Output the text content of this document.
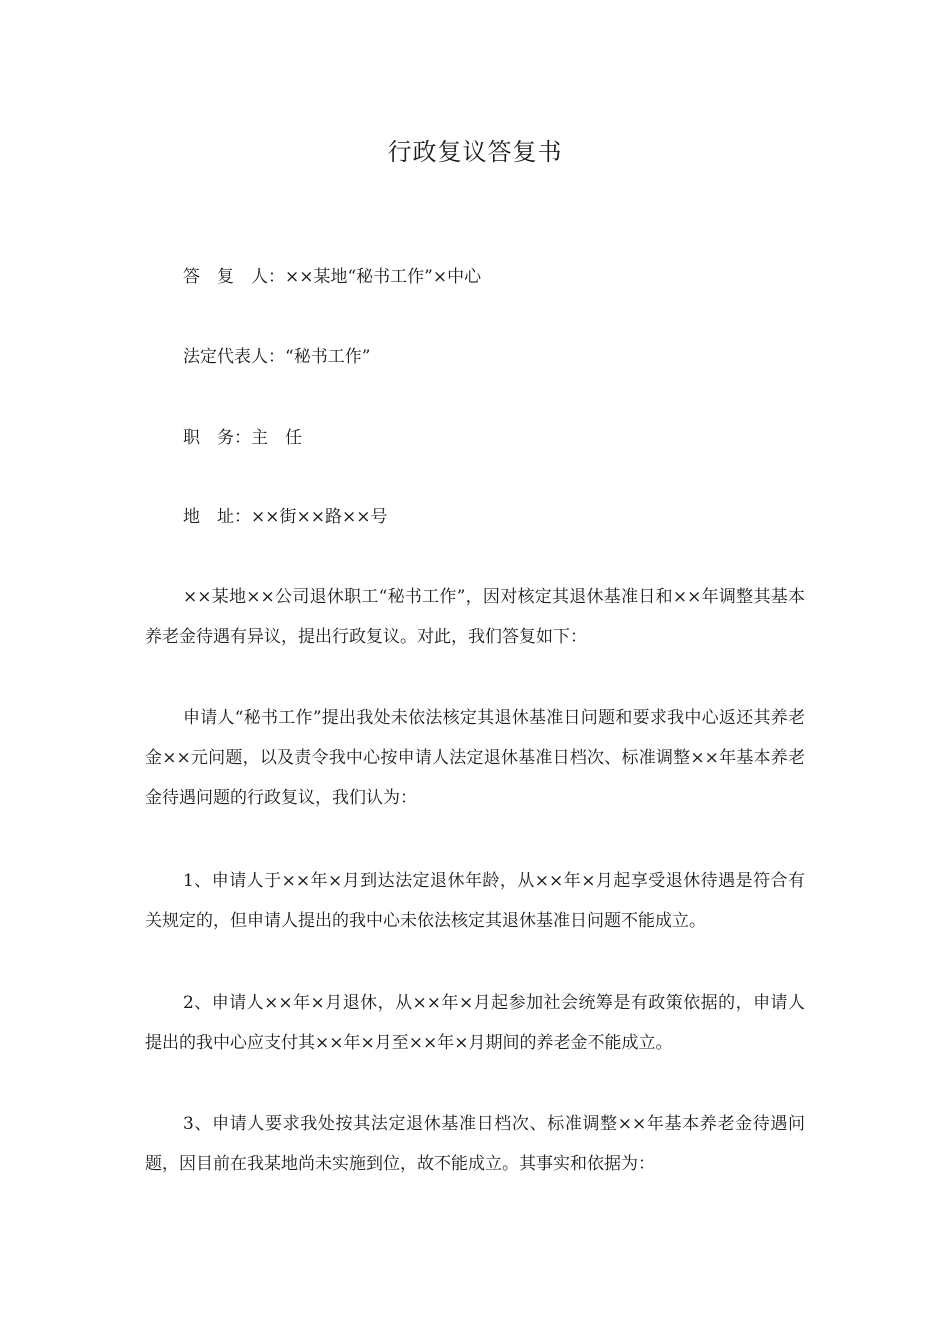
行政复议答复书
答　复　人：××某地“秘书工作”×中心
法定代表人：“秘书工作”
职　务：主　任
地　址：××街××路××号
××某地××公司退休职工“秘书工作”，因对核定其退休基准日和××年调整其基本养老金待遇有异议，提出行政复议。对此，我们答复如下：
申请人“秘书工作”提出我处未依法核定其退休基准日问题和要求我中心返还其养老金××元问题，以及责令我中心按申请人法定退休基准日档次、标准调整××年基本养老金待遇问题的行政复议，我们认为：
1、申请人于××年×月到达法定退休年龄，从××年×月起享受退休待遇是符合有关规定的，但申请人提出的我中心未依法核定其退休基准日问题不能成立。
2、申请人××年×月退休，从××年×月起参加社会统筹是有政策依据的，申请人提出的我中心应支付其××年×月至××年×月期间的养老金不能成立。
3、申请人要求我处按其法定退休基准日档次、标准调整××年基本养老金待遇问题，因目前在我某地尚未实施到位，故不能成立。其事实和依据为：
